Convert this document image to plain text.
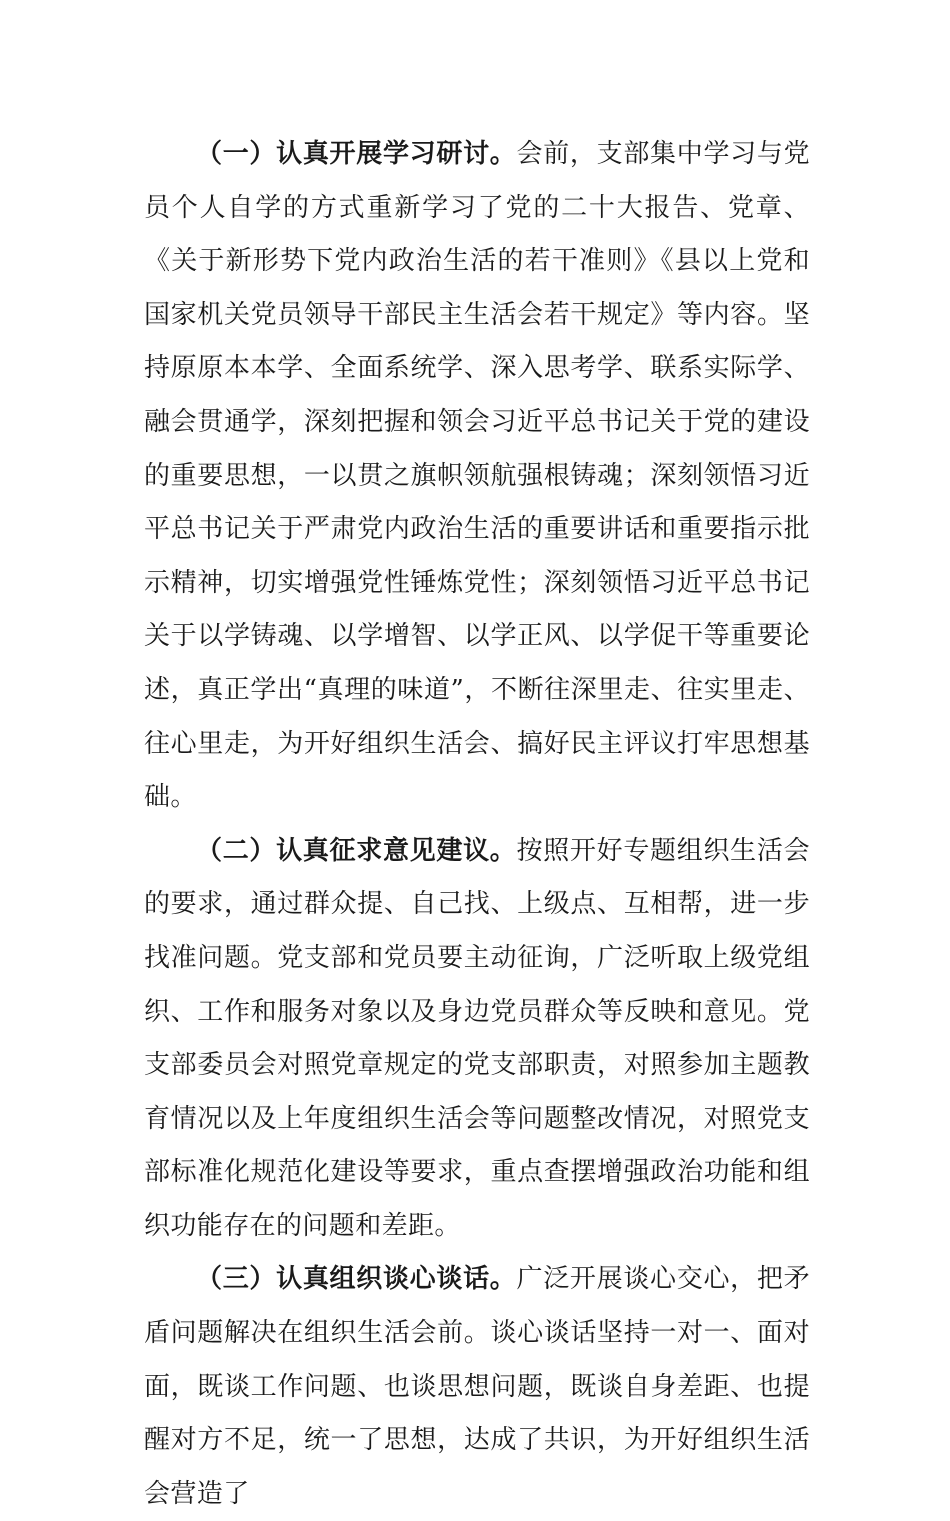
（一）认真开展学习研讨。会前，支部集中学习与党员个人自学的方式重新学习了党的二十大报告、党章、《关于新形势下党内政治生活的若干准则》《县以上党和国家机关党员领导干部民主生活会若干规定》等内容。坚持原原本本学、全面系统学、深入思考学、联系实际学、融会贯通学，深刻把握和领会习近平总书记关于党的建设的重要思想，一以贯之旗帜领航强根铸魂；深刻领悟习近平总书记关于严肃党内政治生活的重要讲话和重要指示批示精神，切实增强党性锤炼党性；深刻领悟习近平总书记关于以学铸魂、以学增智、以学正风、以学促干等重要论述，真正学出“真理的味道”，不断往深里走、往实里走、往心里走，为开好组织生活会、搞好民主评议打牢思想基础。

（二）认真征求意见建议。按照开好专题组织生活会的要求，通过群众提、自己找、上级点、互相帮，进一步找准问题。党支部和党员要主动征询，广泛听取上级党组织、工作和服务对象以及身边党员群众等反映和意见。党支部委员会对照党章规定的党支部职责，对照参加主题教育情况以及上年度组织生活会等问题整改情况，对照党支部标准化规范化建设等要求，重点查摆增强政治功能和组织功能存在的问题和差距。

（三）认真组织谈心谈话。广泛开展谈心交心，把矛盾问题解决在组织生活会前。谈心谈话坚持一对一、面对面，既谈工作问题、也谈思想问题，既谈自身差距、也提醒对方不足，统一了思想，达成了共识，为开好组织生活会营造了
